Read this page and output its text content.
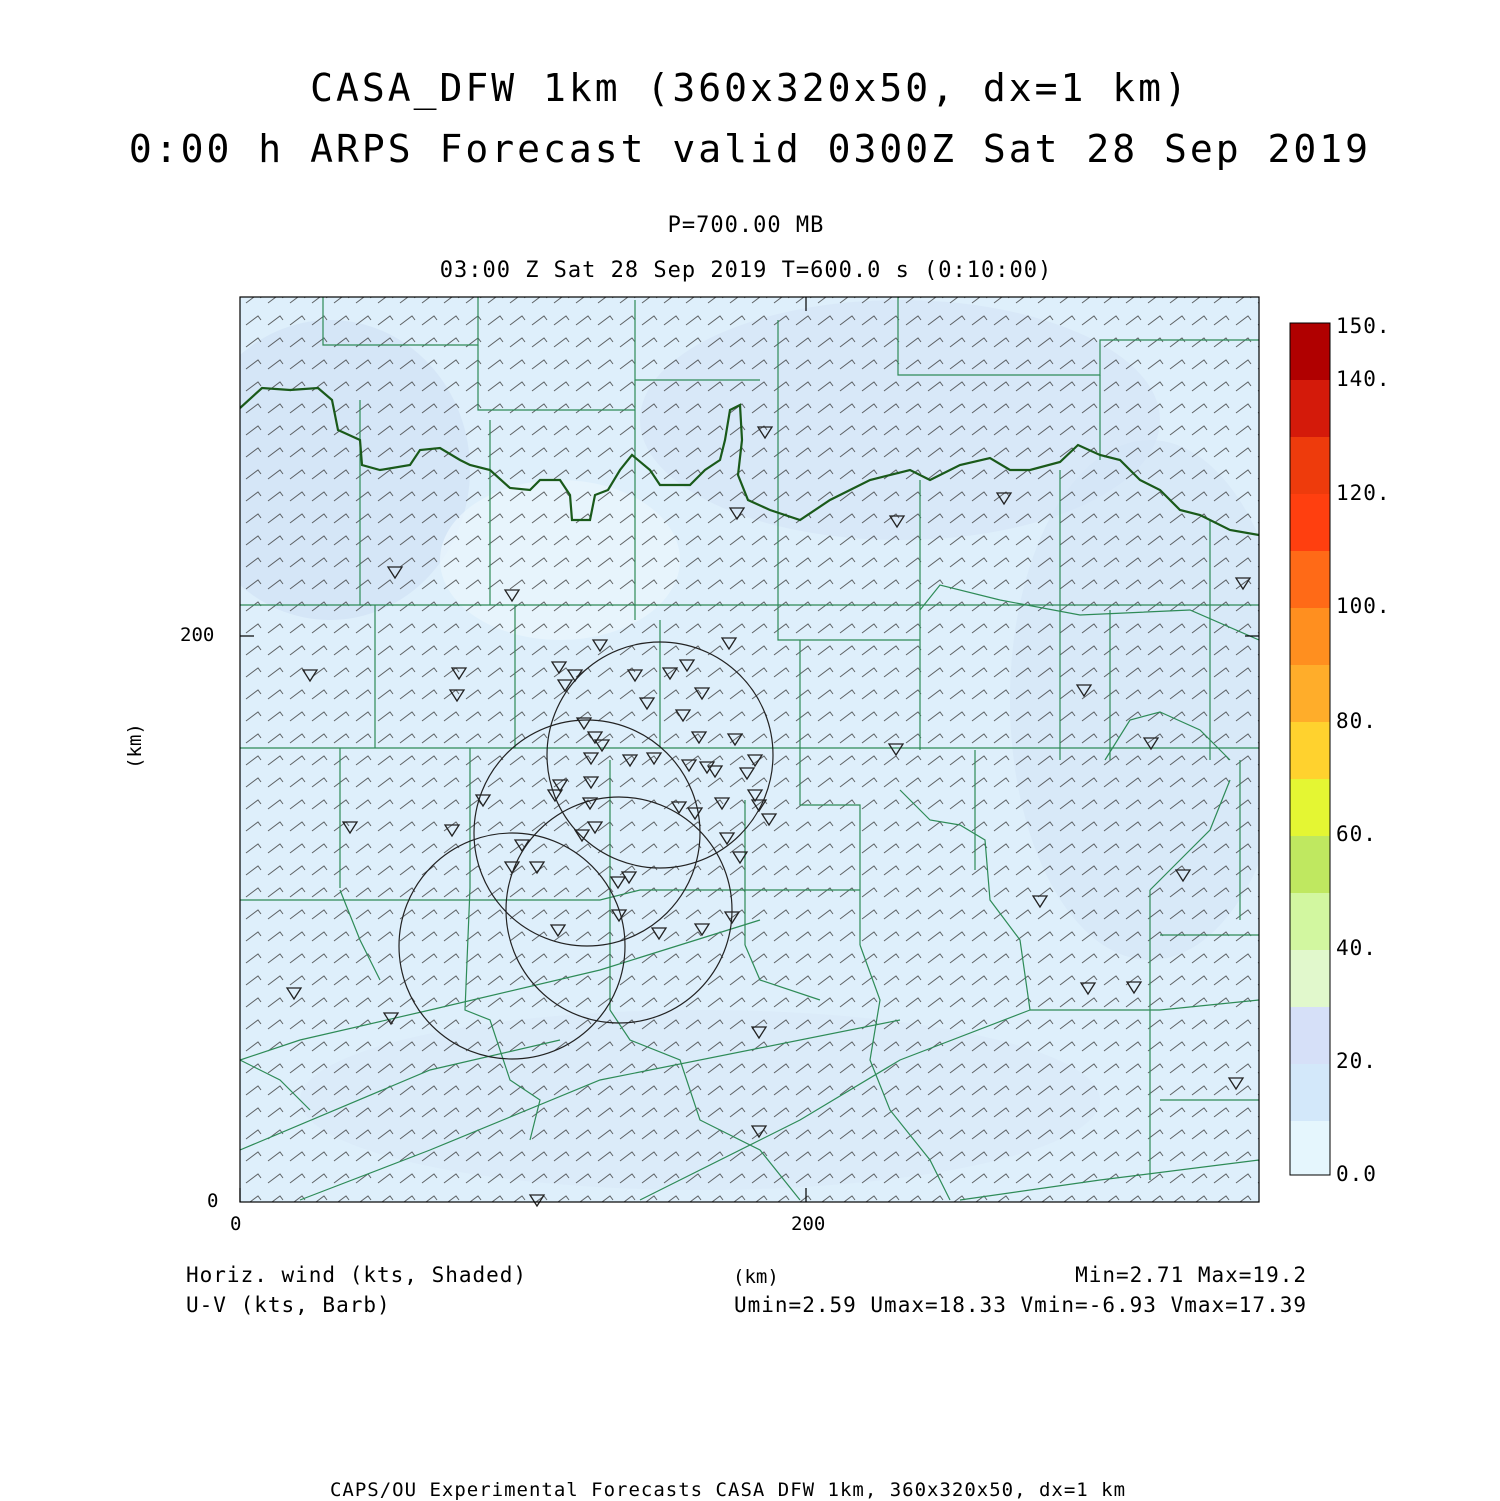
CASA_DFW 1km (360x320x50, dx=1 km)
0:00 h ARPS Forecast valid 0300Z Sat 28 Sep 2019
P=700.00 MB
03:00 Z Sat 28 Sep 2019 T=600.0 s (0:10:00)
0	200
0
200
(km)
(km)
150.
140.
120.
100.
80.
60.
40.
20.
0.0
Horiz. wind (kts, Shaded)
U-V (kts, Barb)
Min=2.71 Max=19.2
Umin=2.59 Umax=18.33 Vmin=-6.93 Vmax=17.39
CAPS/OU Experimental Forecasts CASA DFW 1km, 360x320x50, dx=1 km
